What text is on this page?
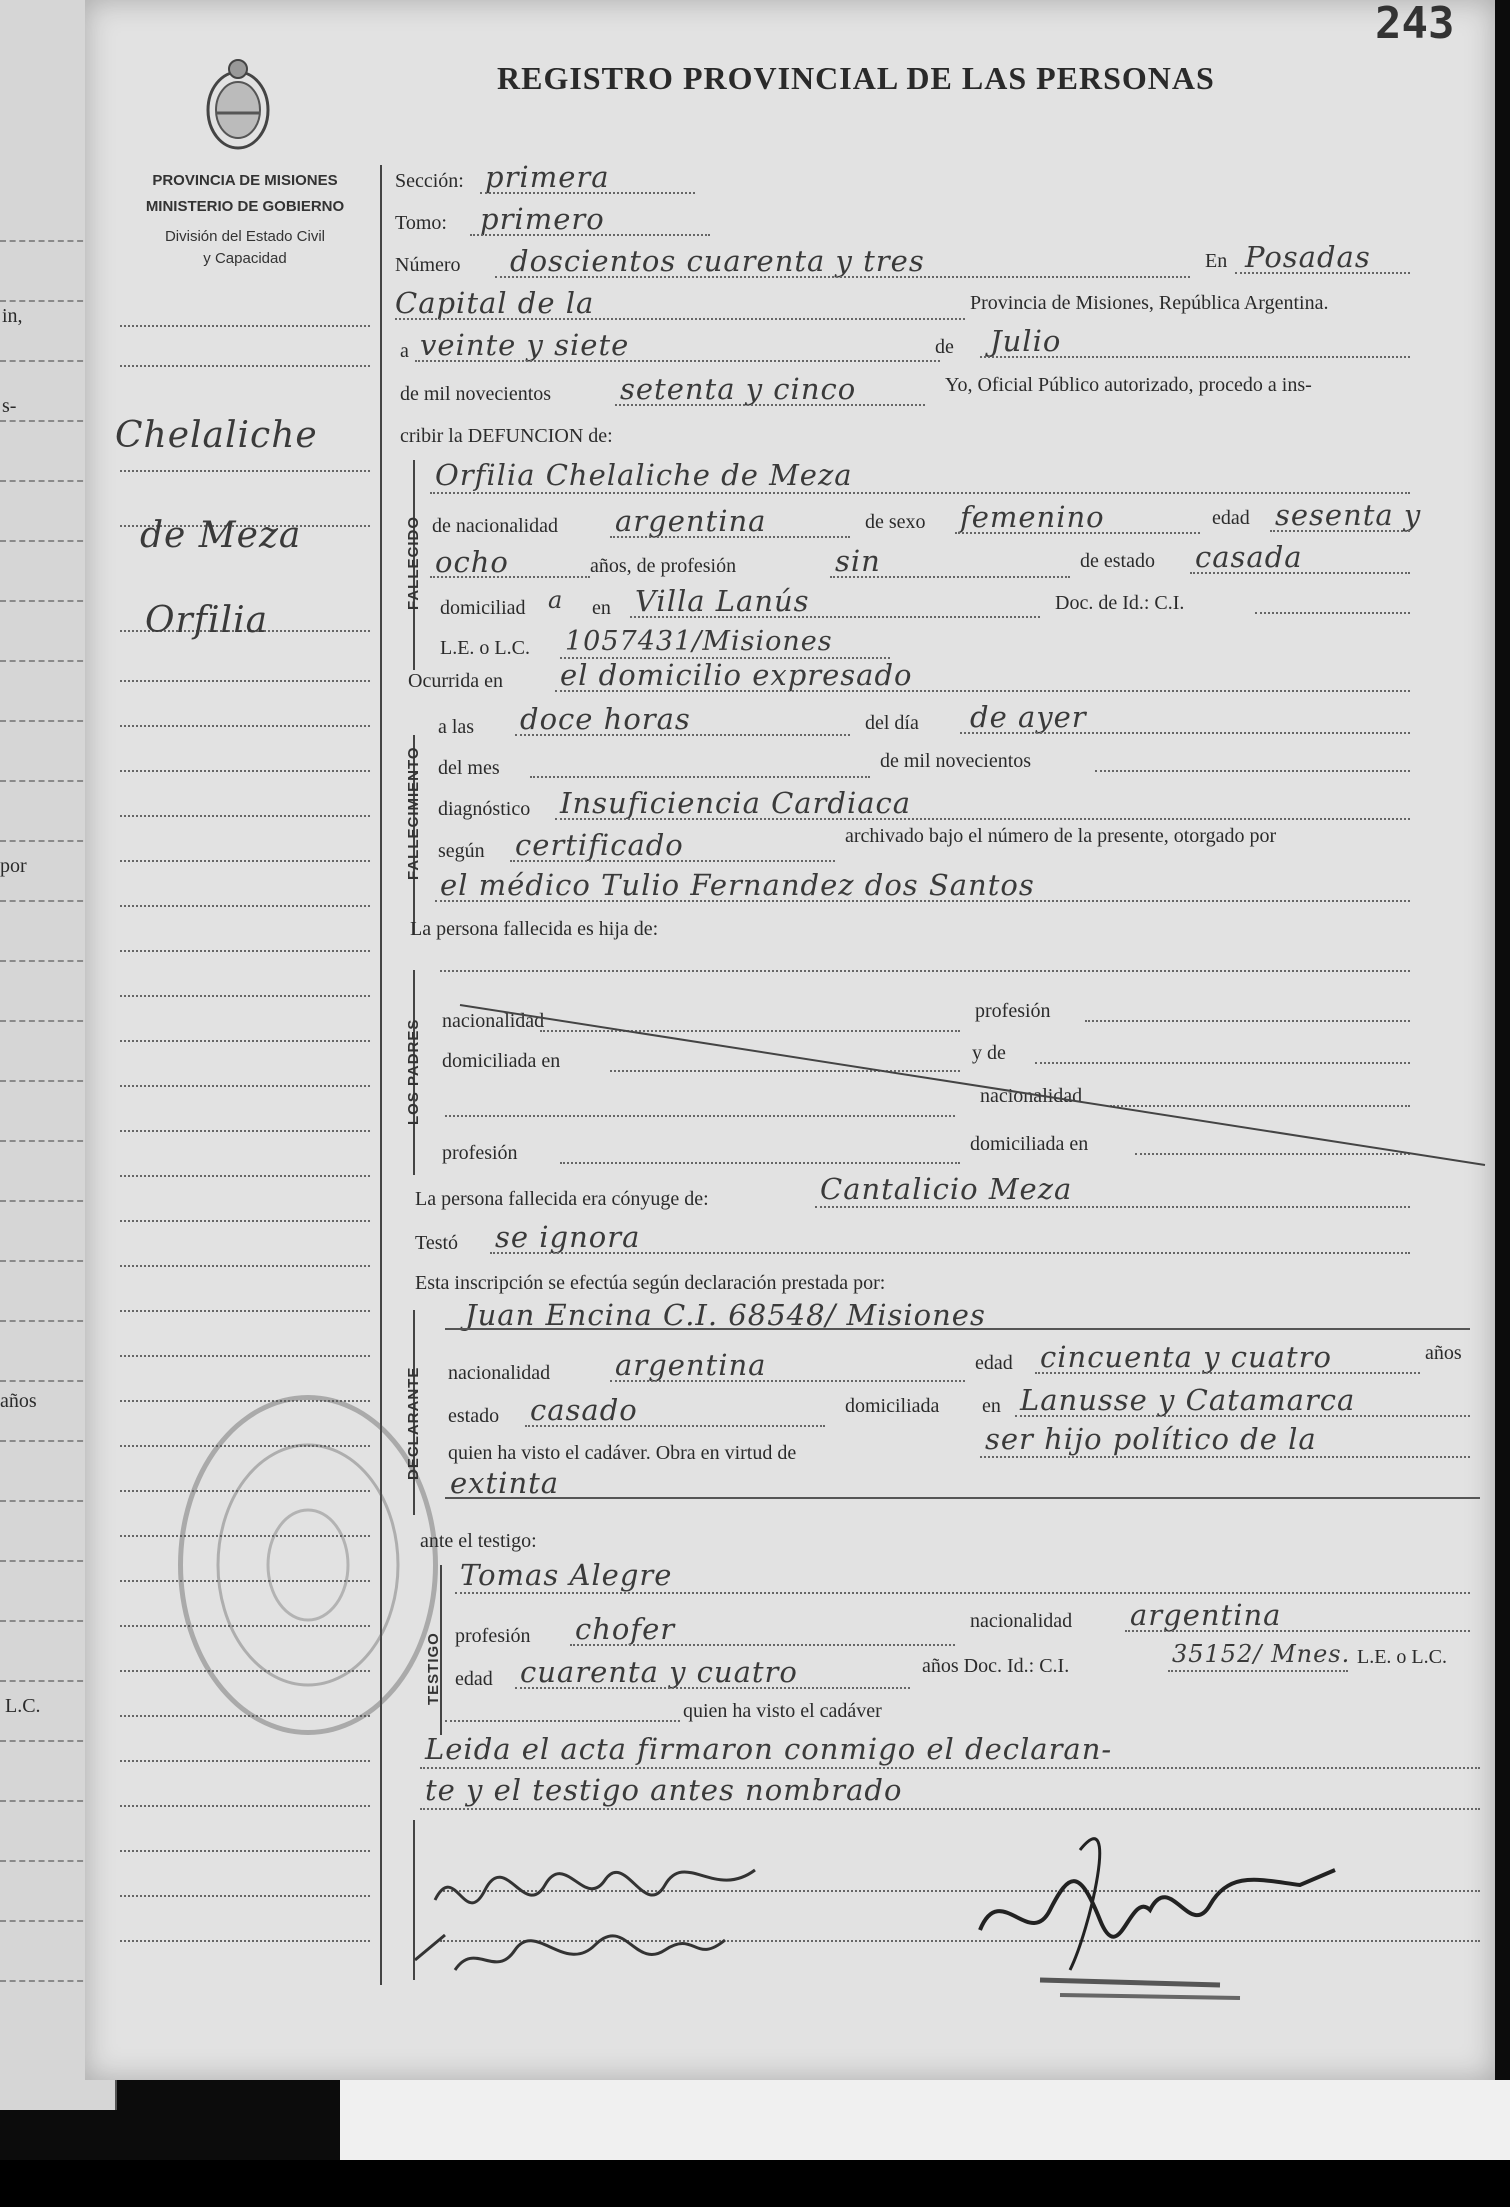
in,
s-
por
años
L.C.
243
REGISTRO PROVINCIAL DE LAS PERSONAS
PROVINCIA DE MISIONES
MINISTERIO DE GOBIERNO
División del Estado Civil
y Capacidad
Chelaliche
de Meza
Orfilia
Sección: primera
Tomo: primero
Número doscientos cuarenta y tres	En Posadas
Capital de la	Provincia de Misiones, República Argentina.
a veinte y siete	de Julio
de mil novecientos setenta y cinco	Yo, Oficial Público autorizado, procedo a ins-
cribir la DEFUNCION de:
FALLECIDO
Orfilia Chelaliche de Meza
de nacionalidad argentina	de sexo femenino	edad sesenta y
ocho	años, de profesión	sin	de estado casada
domiciliad a en Villa Lanús	Doc. de Id.: C.I.
L.E. o L.C. 1057431/Misiones
Ocurrida en el domicilio expresado
FALLECIMIENTO
a las doce horas	del día de ayer
del mes	de mil novecientos
diagnóstico Insuficiencia Cardiaca
según certificado	archivado bajo el número de la presente, otorgado por
el médico Tulio Fernandez dos Santos
La persona fallecida es hija de:
LOS PADRES nacionalidad	profesión
domiciliada en	y de
nacionalidad
profesión	domiciliada en
La persona fallecida era cónyuge de:	Cantalicio Meza
Testó se ignora
Esta inscripción se efectúa según declaración prestada por:
DECLARANTE
Juan Encina C.I. 68548/ Misiones
nacionalidad argentina	edad cincuenta y cuatro	años
estado casado	domiciliada en Lanusse y Catamarca
quien ha visto el cadáver. Obra en virtud de	ser hijo político de la
extinta
ante el testigo:
TESTIGO
Tomas Alegre
profesión chofer	nacionalidad argentina
edad cuarenta y cuatro	años Doc. Id.: C.I.	35152/ Mnes. L.E. o L.C.
quien ha visto el cadáver
Leida el acta firmaron conmigo el declaran-
te y el testigo antes nombrado
